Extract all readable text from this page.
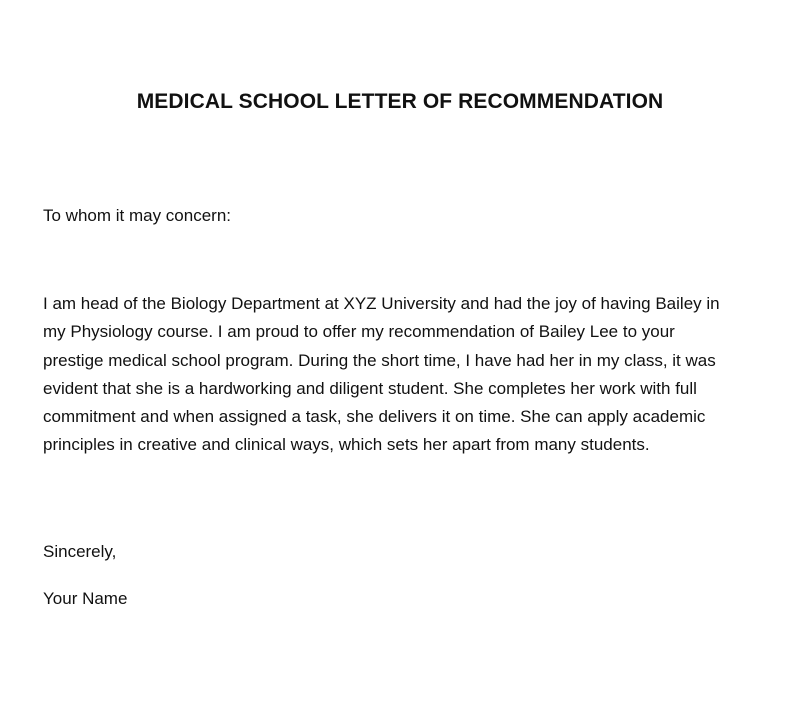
MEDICAL SCHOOL LETTER OF RECOMMENDATION
To whom it may concern:
I am head of the Biology Department at XYZ University and had the joy of having Bailey in
my Physiology course. I am proud to offer my recommendation of Bailey Lee to your
prestige medical school program. During the short time, I have had her in my class, it was
evident that she is a hardworking and diligent student. She completes her work with full
commitment and when assigned a task, she delivers it on time. She can apply academic
principles in creative and clinical ways, which sets her apart from many students.
Sincerely,
Your Name
